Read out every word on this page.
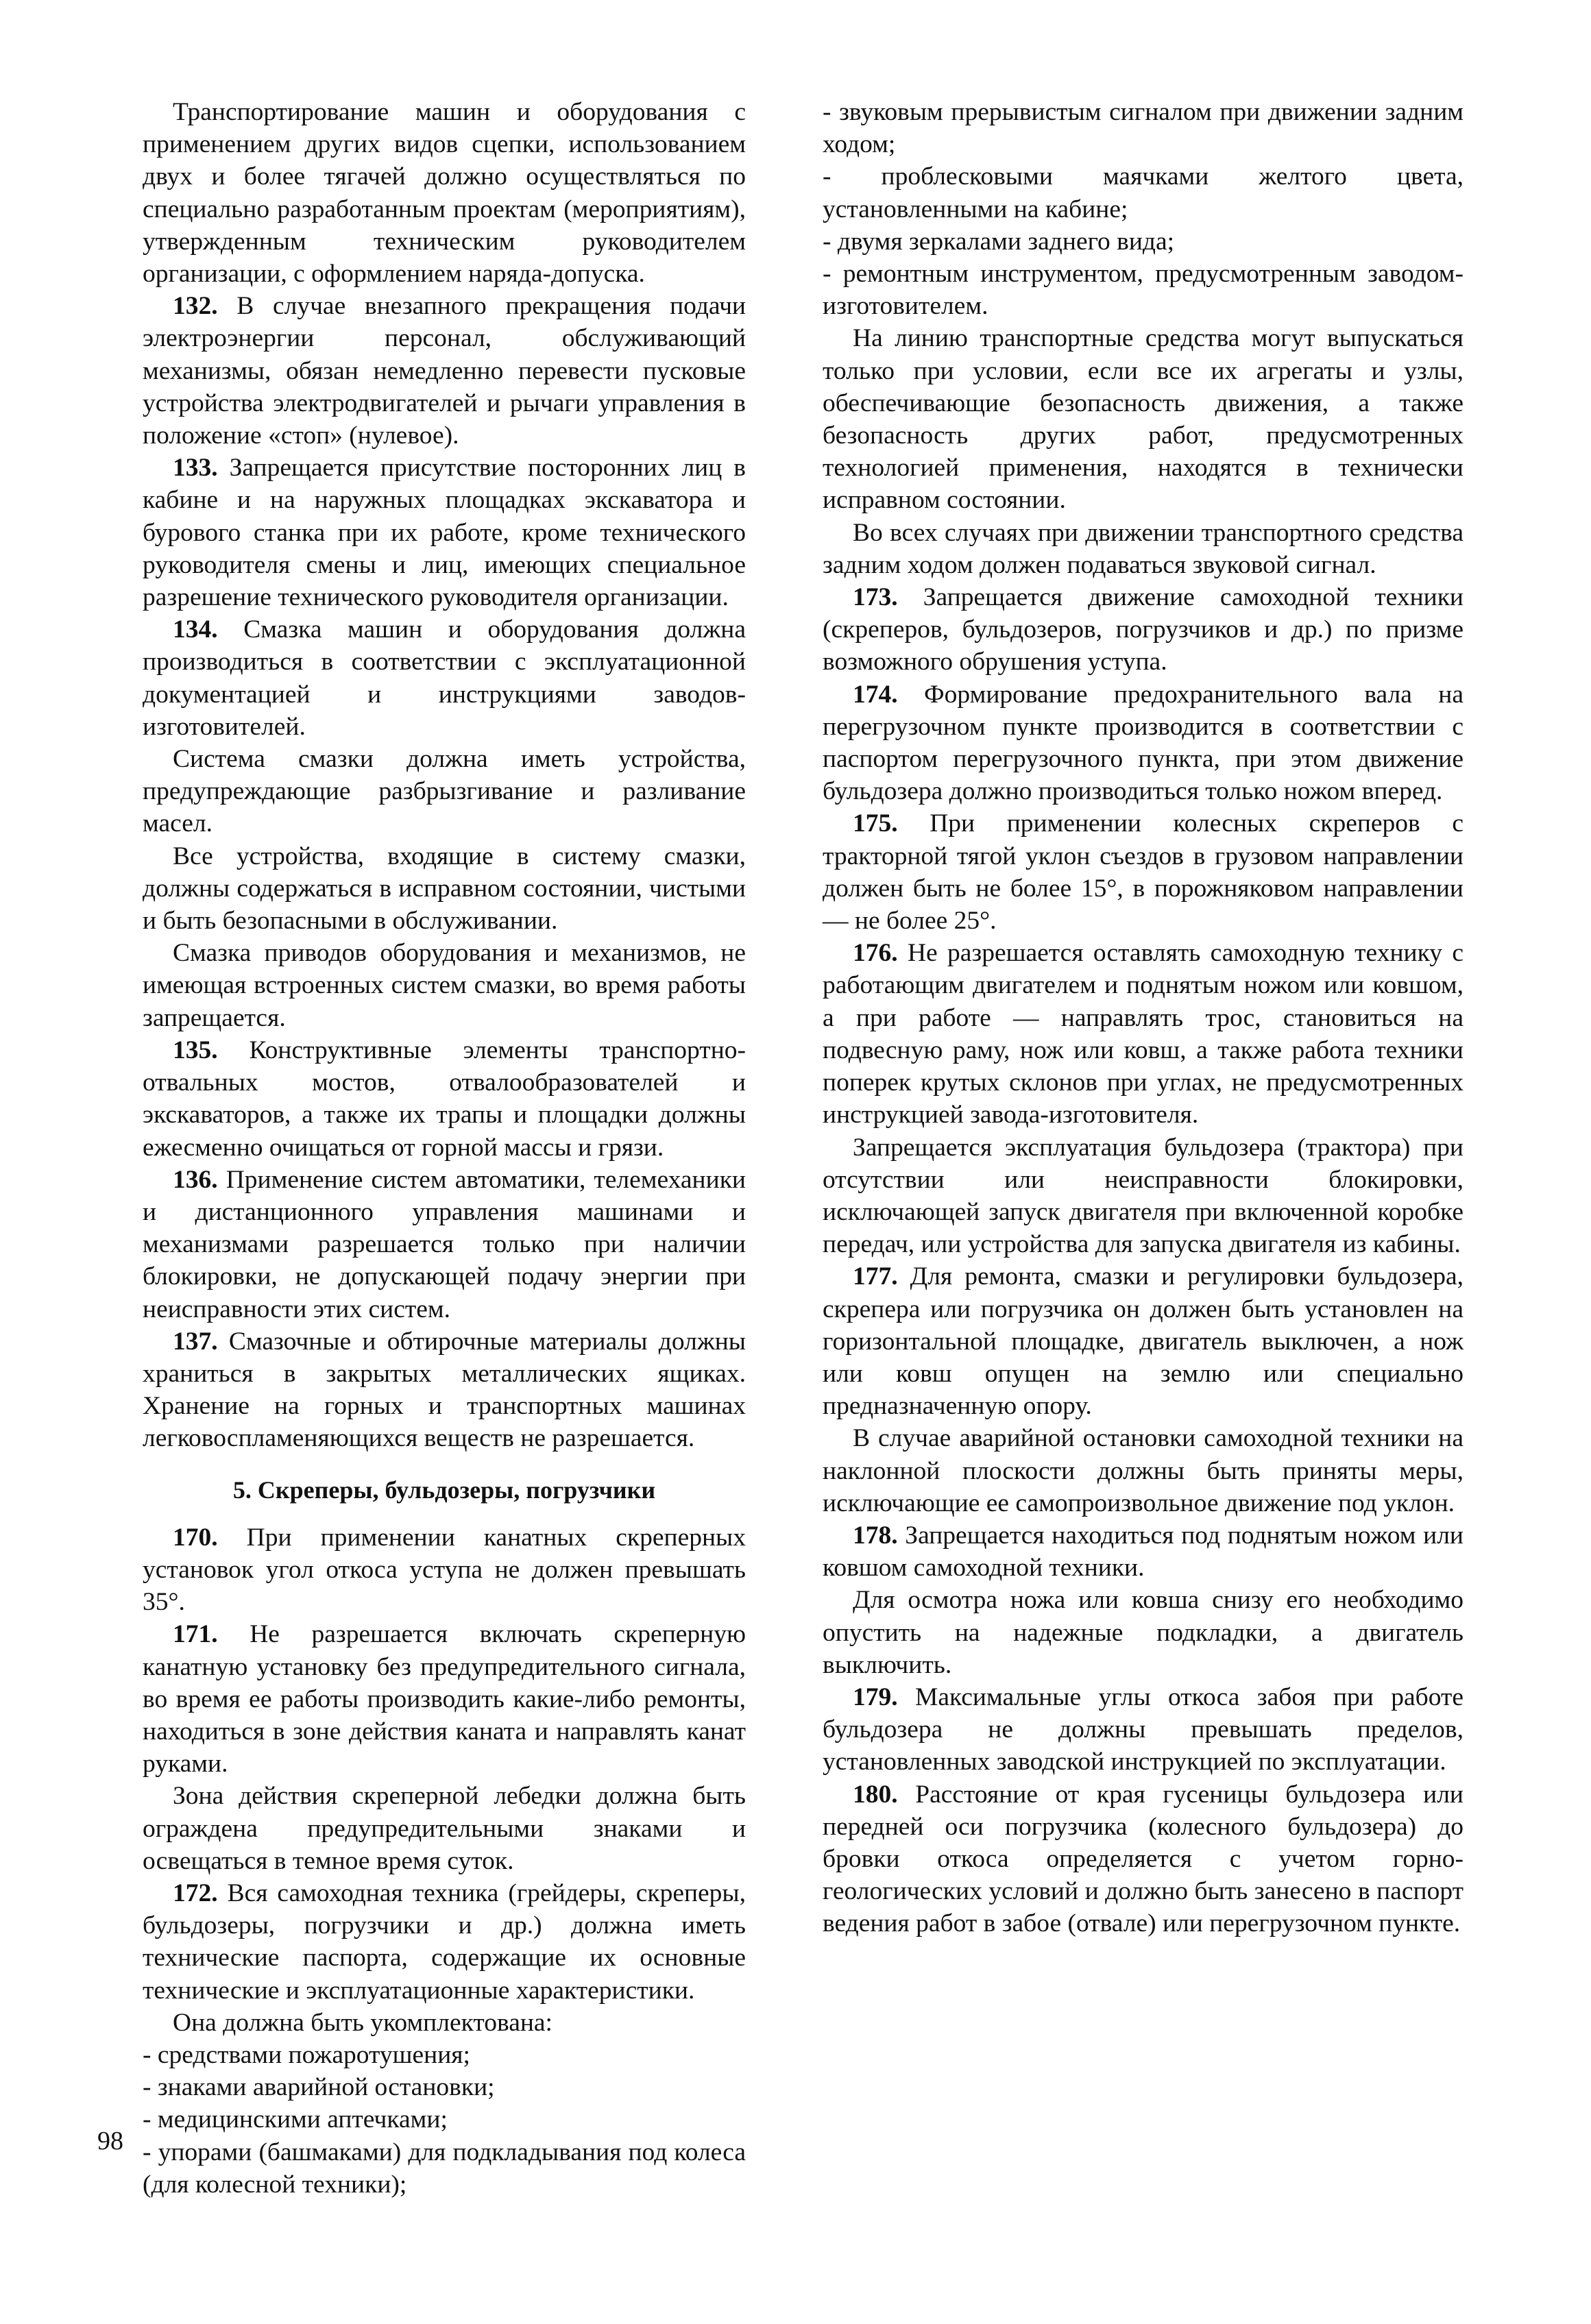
Транспортирование машин и оборудования с применением других видов сцепки, использованием двух и более тягачей должно осуществляться по специально разработанным проектам (мероприятиям), утвержденным техническим руководителем организации, с оформлением наряда-допуска.

132. В случае внезапного прекращения подачи электроэнергии персонал, обслуживающий механизмы, обязан немедленно перевести пусковые устройства электродвигателей и рычаги управления в положение «стоп» (нулевое).

133. Запрещается присутствие посторонних лиц в кабине и на наружных площадках экскаватора и бурового станка при их работе, кроме технического руководителя смены и лиц, имеющих специальное разрешение технического руководителя организации.

134. Смазка машин и оборудования должна производиться в соответствии с эксплуатационной документацией и инструкциями заводов-изготовителей.

Система смазки должна иметь устройства, предупреждающие разбрызгивание и разливание масел.

Все устройства, входящие в систему смазки, должны содержаться в исправном состоянии, чистыми и быть безопасными в обслуживании.

Смазка приводов оборудования и механизмов, не имеющая встроенных систем смазки, во время работы запрещается.

135. Конструктивные элементы транспортно-отвальных мостов, отвалообразователей и экскаваторов, а также их трапы и площадки должны ежесменно очищаться от горной массы и грязи.

136. Применение систем автоматики, телемеханики и дистанционного управления машинами и механизмами разрешается только при наличии блокировки, не допускающей подачу энергии при неисправности этих систем.

137. Смазочные и обтирочные материалы должны храниться в закрытых металлических ящиках. Хранение на горных и транспортных машинах легковоспламеняющихся веществ не разрешается.

5. Скреперы, бульдозеры, погрузчики

170. При применении канатных скреперных установок угол откоса уступа не должен превышать 35°.

171. Не разрешается включать скреперную канатную установку без предупредительного сигнала, во время ее работы производить какие-либо ремонты, находиться в зоне действия каната и направлять канат руками.

Зона действия скреперной лебедки должна быть ограждена предупредительными знаками и освещаться в темное время суток.

172. Вся самоходная техника (грейдеры, скреперы, бульдозеры, погрузчики и др.) должна иметь технические паспорта, содержащие их основные технические и эксплуатационные характеристики.

Она должна быть укомплектована:

- средствами пожаротушения;

- знаками аварийной остановки;

- медицинскими аптечками;

- упорами (башмаками) для подкладывания под колеса (для колесной техники);

- звуковым прерывистым сигналом при движении задним ходом;

- проблесковыми маячками желтого цвета, установленными на кабине;

- двумя зеркалами заднего вида;

- ремонтным инструментом, предусмотренным заводом-изготовителем.

На линию транспортные средства могут выпускаться только при условии, если все их агрегаты и узлы, обеспечивающие безопасность движения, а также безопасность других работ, предусмотренных технологией применения, находятся в технически исправном состоянии.

Во всех случаях при движении транспортного средства задним ходом должен подаваться звуковой сигнал.

173. Запрещается движение самоходной техники (скреперов, бульдозеров, погрузчиков и др.) по призме возможного обрушения уступа.

174. Формирование предохранительного вала на перегрузочном пункте производится в соответствии с паспортом перегрузочного пункта, при этом движение бульдозера должно производиться только ножом вперед.

175. При применении колесных скреперов с тракторной тягой уклон съездов в грузовом направлении должен быть не более 15°, в порожняковом направлении — не более 25°.

176. Не разрешается оставлять самоходную технику с работающим двигателем и поднятым ножом или ковшом, а при работе — направлять трос, становиться на подвесную раму, нож или ковш, а также работа техники поперек крутых склонов при углах, не предусмотренных инструкцией завода-изготовителя.

Запрещается эксплуатация бульдозера (трактора) при отсутствии или неисправности блокировки, исключающей запуск двигателя при включенной коробке передач, или устройства для запуска двигателя из кабины.

177. Для ремонта, смазки и регулировки бульдозера, скрепера или погрузчика он должен быть установлен на горизонтальной площадке, двигатель выключен, а нож или ковш опущен на землю или специально предназначенную опору.

В случае аварийной остановки самоходной техники на наклонной плоскости должны быть приняты меры, исключающие ее самопроизвольное движение под уклон.

178. Запрещается находиться под поднятым ножом или ковшом самоходной техники.

Для осмотра ножа или ковша снизу его необходимо опустить на надежные подкладки, а двигатель выключить.

179. Максимальные углы откоса забоя при работе бульдозера не должны превышать пределов, установленных заводской инструкцией по эксплуатации.

180. Расстояние от края гусеницы бульдозера или передней оси погрузчика (колесного бульдозера) до бровки откоса определяется с учетом горно-геологических условий и должно быть занесено в паспорт ведения работ в забое (отвале) или перегрузочном пункте.

98
